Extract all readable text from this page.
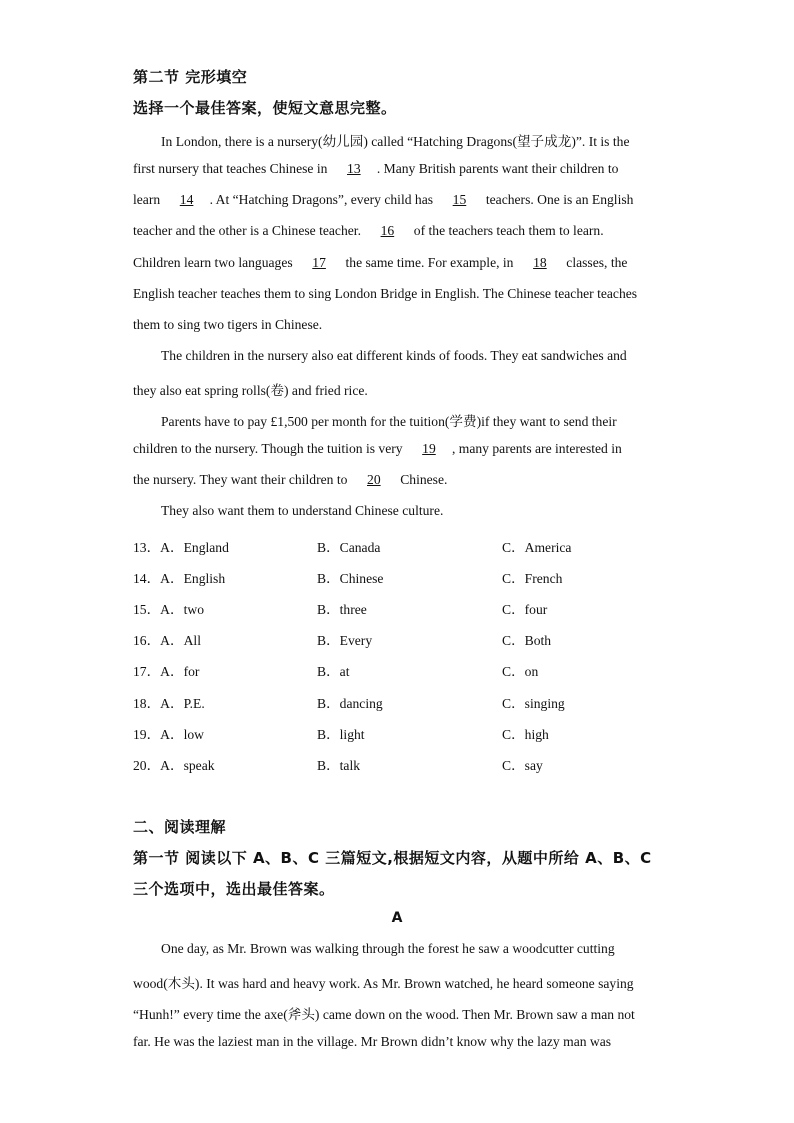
第二节 完形填空
选择一个最佳答案，使短文意思完整。
In London, there is a nursery(幼儿园) called “Hatching Dragons(望子成龙)”. It is the
first nursery that teaches Chinese in 13 . Many British parents want their children to
learn 14 . At “Hatching Dragons”, every child has 15 teachers. One is an English
teacher and the other is a Chinese teacher. 16 of the teachers teach them to learn.
Children learn two languages 17 the same time. For example, in 18 classes, the
English teacher teaches them to sing London Bridge in English. The Chinese teacher teaches
them to sing two tigers in Chinese.
The children in the nursery also eat different kinds of foods. They eat sandwiches and
they also eat spring rolls(卷) and fried rice.
Parents have to pay £1,500 per month for the tuition(学费)if they want to send their
children to the nursery. Though the tuition is very 19 , many parents are interested in
the nursery. They want their children to 20 Chinese.
They also want them to understand Chinese culture.
13．A．England	B．Canada	C．America
14．A．English	B．Chinese	C．French
15．A．two	B．three	C．four
16．A．All	B．Every	C．Both
17．A．for	B．at	C．on
18．A．P.E.	B．dancing	C．singing
19．A．low	B．light	C．high
20．A．speak	B．talk	C．say
二、阅读理解
第一节 阅读以下 A、B、C 三篇短文,根据短文内容，从题中所给 A、B、C
三个选项中，选出最佳答案。
A
One day, as Mr. Brown was walking through the forest he saw a woodcutter cutting
wood(木头). It was hard and heavy work. As Mr. Brown watched, he heard someone saying
“Hunh!” every time the axe(斧头) came down on the wood. Then Mr. Brown saw a man not
far. He was the laziest man in the village. Mr Brown didn’t know why the lazy man was
